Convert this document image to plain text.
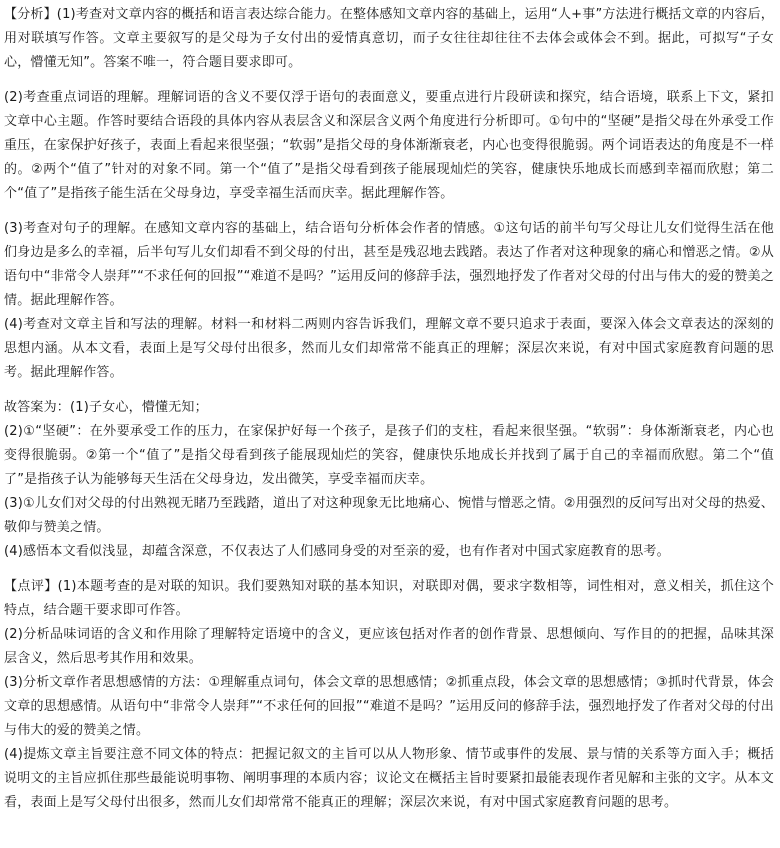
【分析】(1)考查对文章内容的概括和语言表达综合能力。在整体感知文章内容的基础上，运用“人+事”方法进行概括文章的内容后，用对联填写作答。文章主要叙写的是父母为子女付出的爱情真意切，而子女往往却往往不去体会或体会不到。据此，可拟写“子女心，懵懂无知”。答案不唯一，符合题目要求即可。

(2)考查重点词语的理解。理解词语的含义不要仅浮于语句的表面意义，要重点进行片段研读和探究，结合语境，联系上下文，紧扣文章中心主题。作答时要结合语段的具体内容从表层含义和深层含义两个角度进行分析即可。①句中的“坚硬”是指父母在外承受工作重压，在家保护好孩子，表面上看起来很坚强；“软弱”是指父母的身体渐渐衰老，内心也变得很脆弱。两个词语表达的角度是不一样的。②两个“值了”针对的对象不同。第一个“值了”是指父母看到孩子能展现灿烂的笑容，健康快乐地成长而感到幸福而欣慰；第二个“值了”是指孩子能生活在父母身边，享受幸福生活而庆幸。据此理解作答。

(3)考查对句子的理解。在感知文章内容的基础上，结合语句分析体会作者的情感。①这句话的前半句写父母让儿女们觉得生活在他们身边是多么的幸福，后半句写儿女们却看不到父母的付出，甚至是残忍地去践踏。表达了作者对这种现象的痛心和憎恶之情。②从语句中“非常令人崇拜”“不求任何的回报”“难道不是吗？”运用反问的修辞手法，强烈地抒发了作者对父母的付出与伟大的爱的赞美之情。据此理解作答。

(4)考查对文章主旨和写法的理解。材料一和材料二两则内容告诉我们，理解文章不要只追求于表面，要深入体会文章表达的深刻的思想内涵。从本文看，表面上是写父母付出很多，然而儿女们却常常不能真正的理解；深层次来说，有对中国式家庭教育问题的思考。据此理解作答。

故答案为：(1)子女心，懵懂无知；

(2)①“坚硬”：在外要承受工作的压力，在家保护好每一个孩子，是孩子们的支柱，看起来很坚强。“软弱”：身体渐渐衰老，内心也变得很脆弱。②第一个“值了”是指父母看到孩子能展现灿烂的笑容，健康快乐地成长并找到了属于自己的幸福而欣慰。第二个“值了”是指孩子认为能够每天生活在父母身边，发出微笑，享受幸福而庆幸。

(3)①儿女们对父母的付出熟视无睹乃至践踏，道出了对这种现象无比地痛心、惋惜与憎恶之情。②用强烈的反问写出对父母的热爱、敬仰与赞美之情。

(4)感悟本文看似浅显，却蕴含深意，不仅表达了人们感同身受的对至亲的爱，也有作者对中国式家庭教育的思考。

【点评】(1)本题考查的是对联的知识。我们要熟知对联的基本知识，对联即对偶，要求字数相等，词性相对，意义相关，抓住这个特点，结合题干要求即可作答。

(2)分析品味词语的含义和作用除了理解特定语境中的含义，更应该包括对作者的创作背景、思想倾向、写作目的的把握，品味其深层含义，然后思考其作用和效果。

(3)分析文章作者思想感情的方法：①理解重点词句，体会文章的思想感情；②抓重点段，体会文章的思想感情；③抓时代背景，体会文章的思想感情。从语句中“非常令人崇拜”“不求任何的回报”“难道不是吗？”运用反问的修辞手法，强烈地抒发了作者对父母的付出与伟大的爱的赞美之情。

(4)提炼文章主旨要注意不同文体的特点：把握记叙文的主旨可以从人物形象、情节或事件的发展、景与情的关系等方面入手；概括说明文的主旨应抓住那些最能说明事物、阐明事理的本质内容；议论文在概括主旨时要紧扣最能表现作者见解和主张的文字。从本文看，表面上是写父母付出很多，然而儿女们却常常不能真正的理解；深层次来说，有对中国式家庭教育问题的思考。
